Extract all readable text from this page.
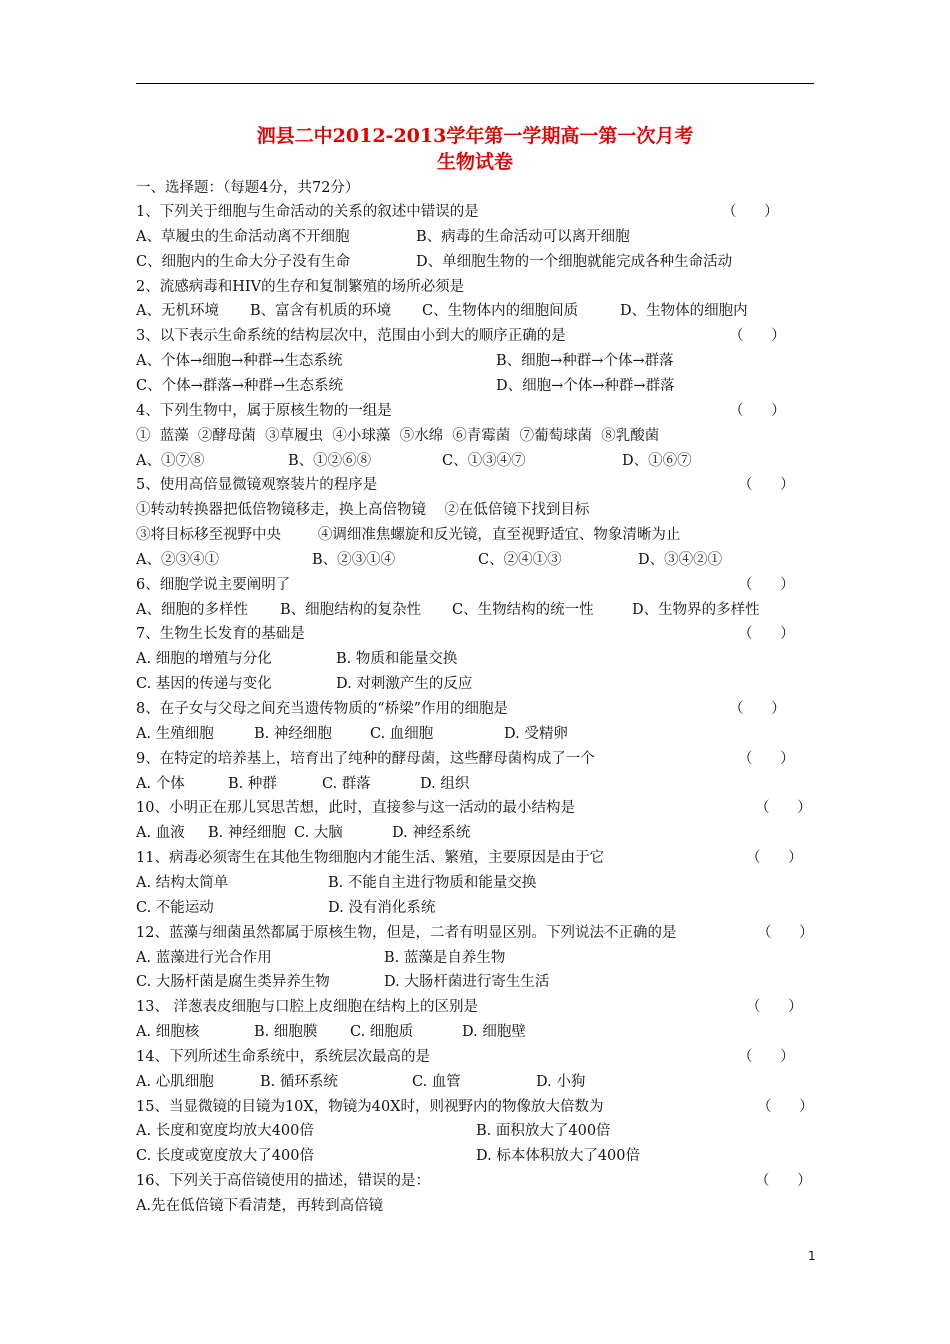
泗县二中2012-2013学年第一学期高一第一次月考
生物试卷
一、选择题：（每题4分，共72分）
1、下列关于细胞与生命活动的关系的叙述中错误的是	（      ）
A、草履虫的生命活动离不开细胞	B、病毒的生命活动可以离开细胞
C、细胞内的生命大分子没有生命	D、单细胞生物的一个细胞就能完成各种生命活动
2、流感病毒和HIV的生存和复制繁殖的场所必须是
A、无机环境 B、富含有机质的环境 C、生物体内的细胞间质	D、生物体的细胞内
3、以下表示生命系统的结构层次中，范围由小到大的顺序正确的是	（      ）
A、个体→细胞→种群→生态系统	B、细胞→种群→个体→群落
C、个体→群落→种群→生态系统	D、细胞→个体→种群→群落
4、下列生物中，属于原核生物的一组是	（      ）
①  蓝藻  ②酵母菌  ③草履虫  ④小球藻  ⑤水绵  ⑥青霉菌  ⑦葡萄球菌  ⑧乳酸菌
A、①⑦⑧	B、①②⑥⑧	C、①③④⑦	D、①⑥⑦
5、使用高倍显微镜观察装片的程序是	（      ）
①转动转换器把低倍物镜移走，换上高倍物镜    ②在低倍镜下找到目标
③将目标移至视野中央        ④调细准焦螺旋和反光镜，直至视野适宜、物象清晰为止
A、②③④①	B、②③①④	C、②④①③	D、③④②①
6、细胞学说主要阐明了	（      ）
A、细胞的多样性 B、细胞结构的复杂性 C、生物结构的统一性	D、生物界的多样性
7、生物生长发育的基础是	（      ）
A. 细胞的增殖与分化	B. 物质和能量交换
C. 基因的传递与变化	D. 对刺激产生的反应
8、在子女与父母之间充当遗传物质的“桥梁”作用的细胞是	（      ）
A. 生殖细胞	B. 神经细胞	C. 血细胞	D. 受精卵
9、在特定的培养基上，培育出了纯种的酵母菌，这些酵母菌构成了一个	（      ）
A. 个体	B. 种群	C. 群落	D. 组织
10、小明正在那儿冥思苦想，此时，直接参与这一活动的最小结构是	（      ）
A. 血液 B. 神经细胞 C. 大脑	D. 神经系统
11、病毒必须寄生在其他生物细胞内才能生活、繁殖，主要原因是由于它	（      ）
A. 结构太简单	B. 不能自主进行物质和能量交换
C. 不能运动	D. 没有消化系统
12、蓝藻与细菌虽然都属于原核生物，但是，二者有明显区别。下列说法不正确的是	（      ）
A. 蓝藻进行光合作用	B. 蓝藻是自养生物
C. 大肠杆菌是腐生类异养生物	D. 大肠杆菌进行寄生生活
13、 洋葱表皮细胞与口腔上皮细胞在结构上的区别是	（      ）
A. 细胞核	B. 细胞膜 C. 细胞质	D. 细胞壁
14、下列所述生命系统中，系统层次最高的是	（      ）
A. 心肌细胞	B. 循环系统	C. 血管	D. 小狗
15、当显微镜的目镜为10X，物镜为40X时，则视野内的物像放大倍数为	（      ）
A. 长度和宽度均放大400倍	B. 面积放大了400倍
C. 长度或宽度放大了400倍	D. 标本体积放大了400倍
16、下列关于高倍镜使用的描述，错误的是：	（      ）
A.先在低倍镜下看清楚，再转到高倍镜
1
